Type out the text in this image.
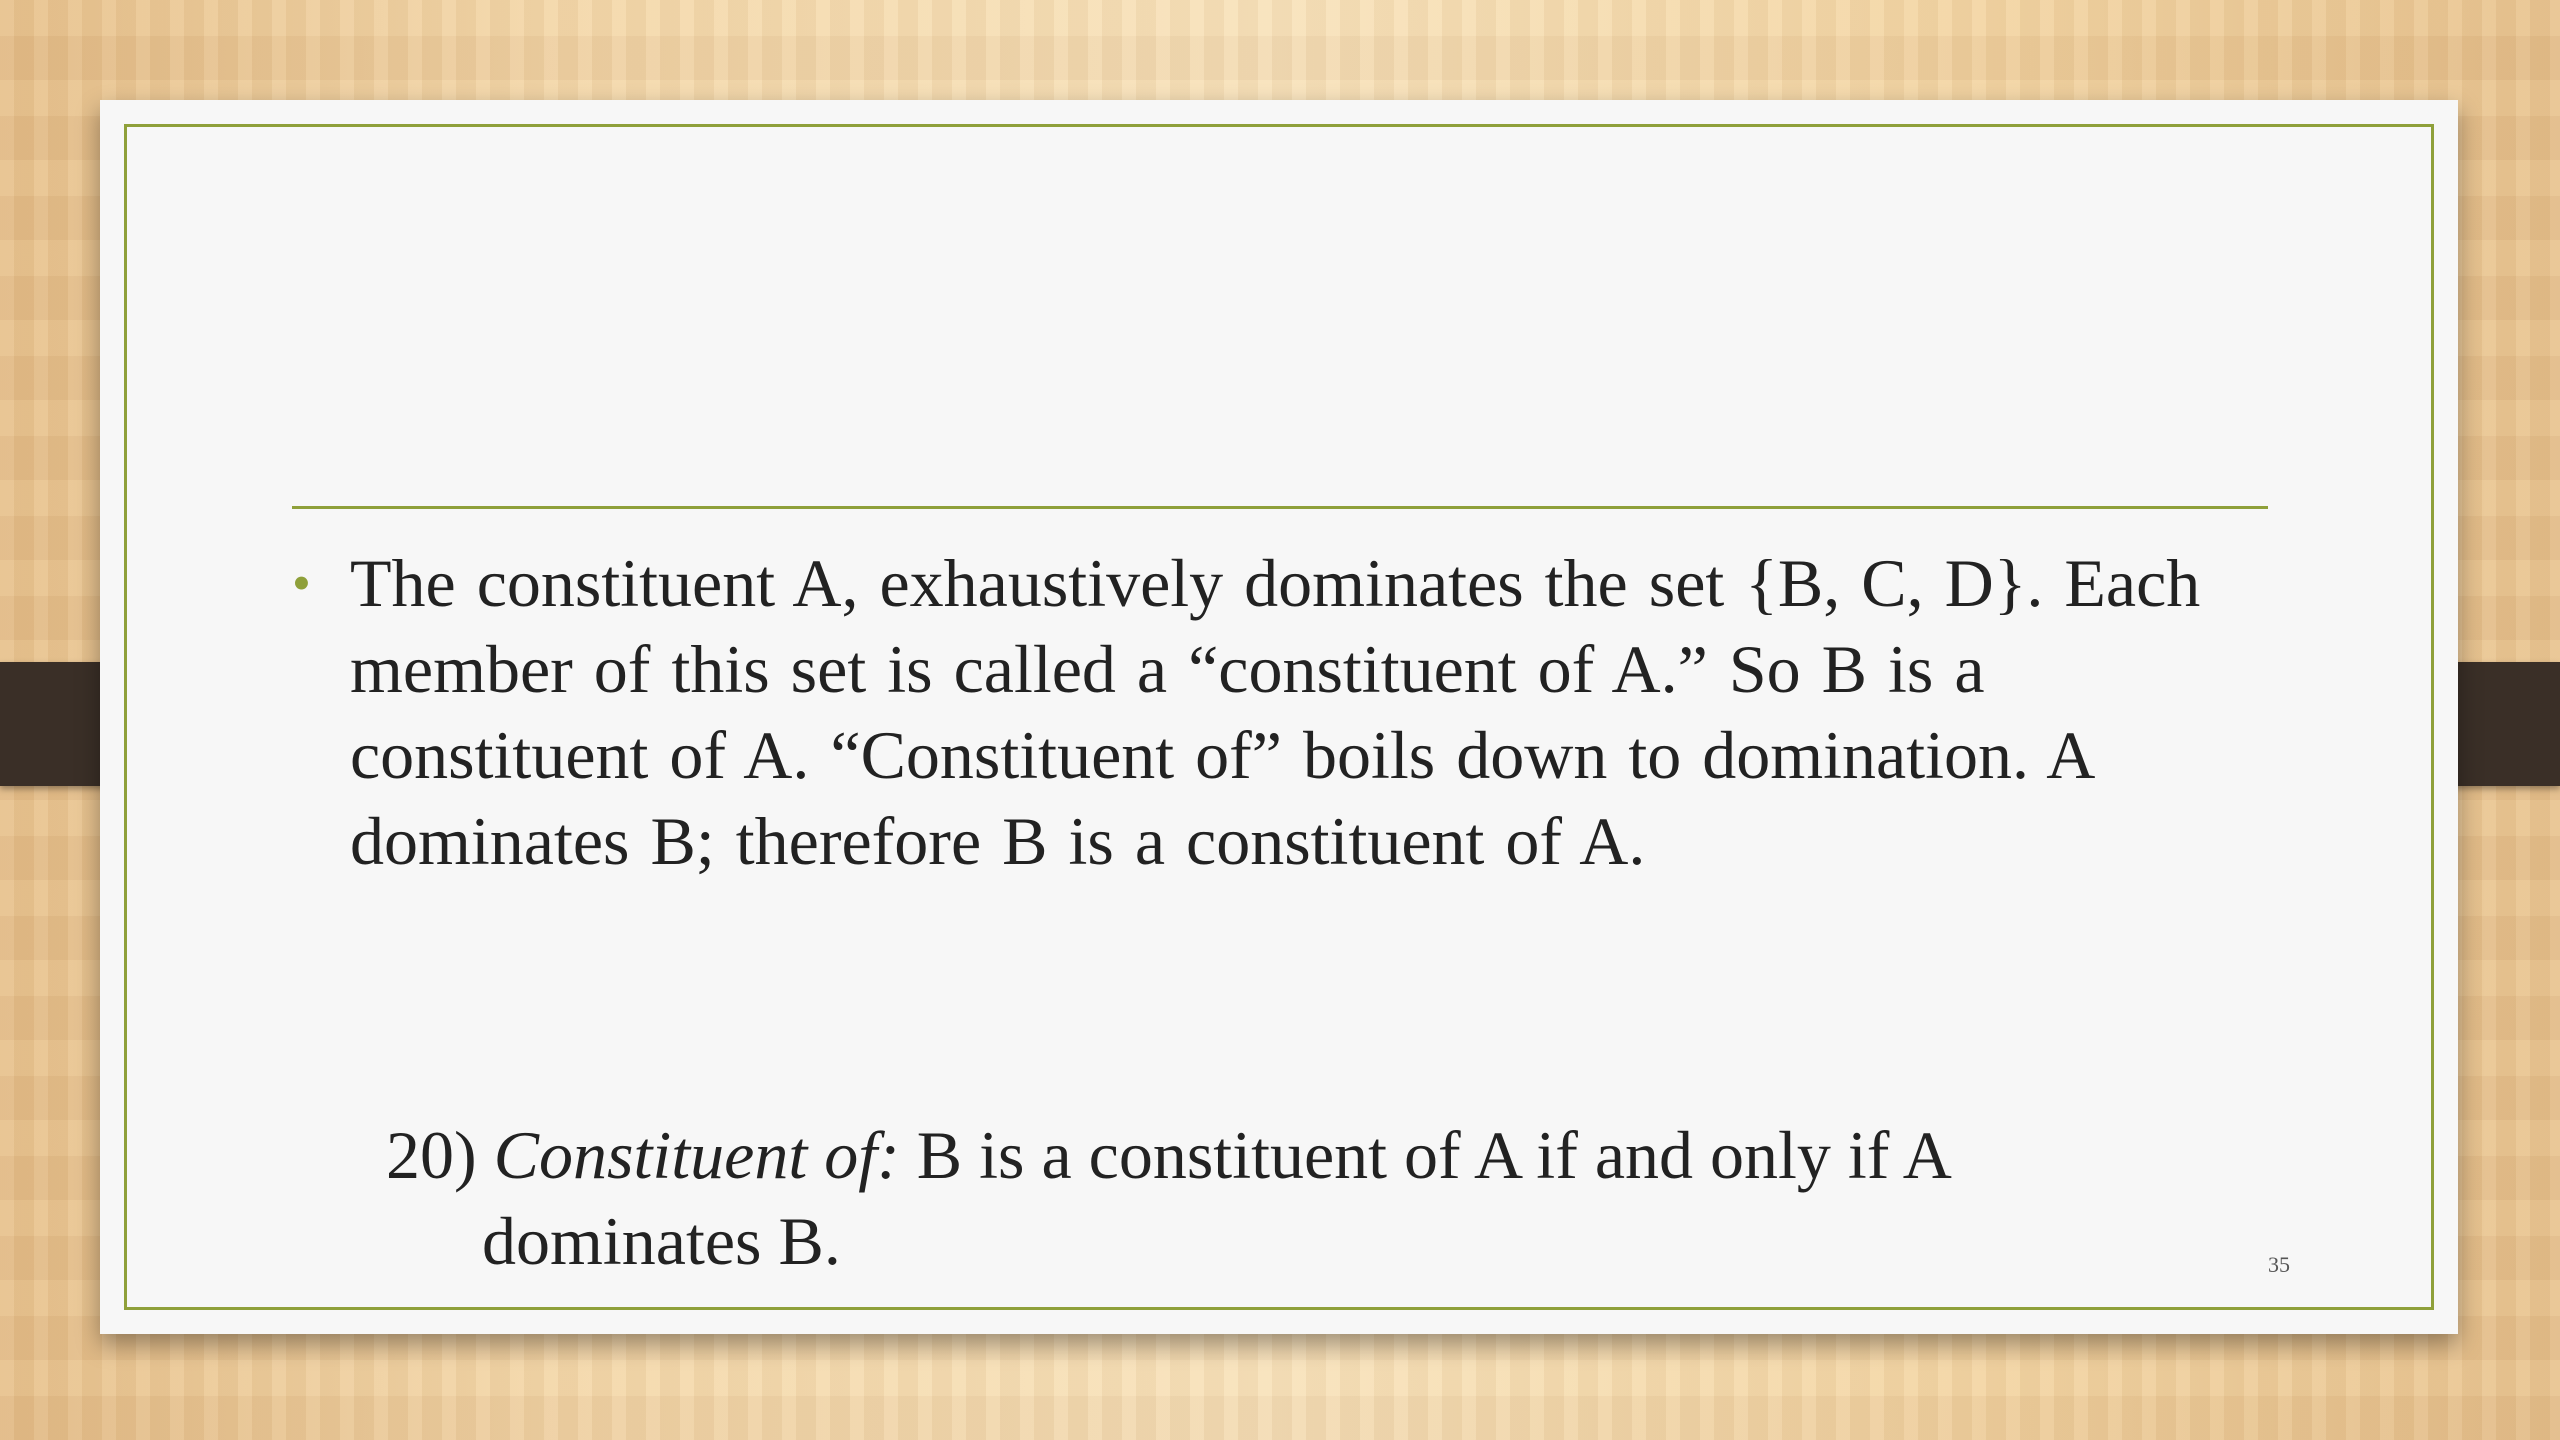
• The constituent A, exhaustively dominates the set {B, C, D}. Each member of this set is called a “constituent of A.” So B is a constituent of A. “Constituent of” boils down to domination. A dominates B; therefore B is a constituent of A.
20) Constituent of: B is a constituent of A if and only if A
dominates B.	35
